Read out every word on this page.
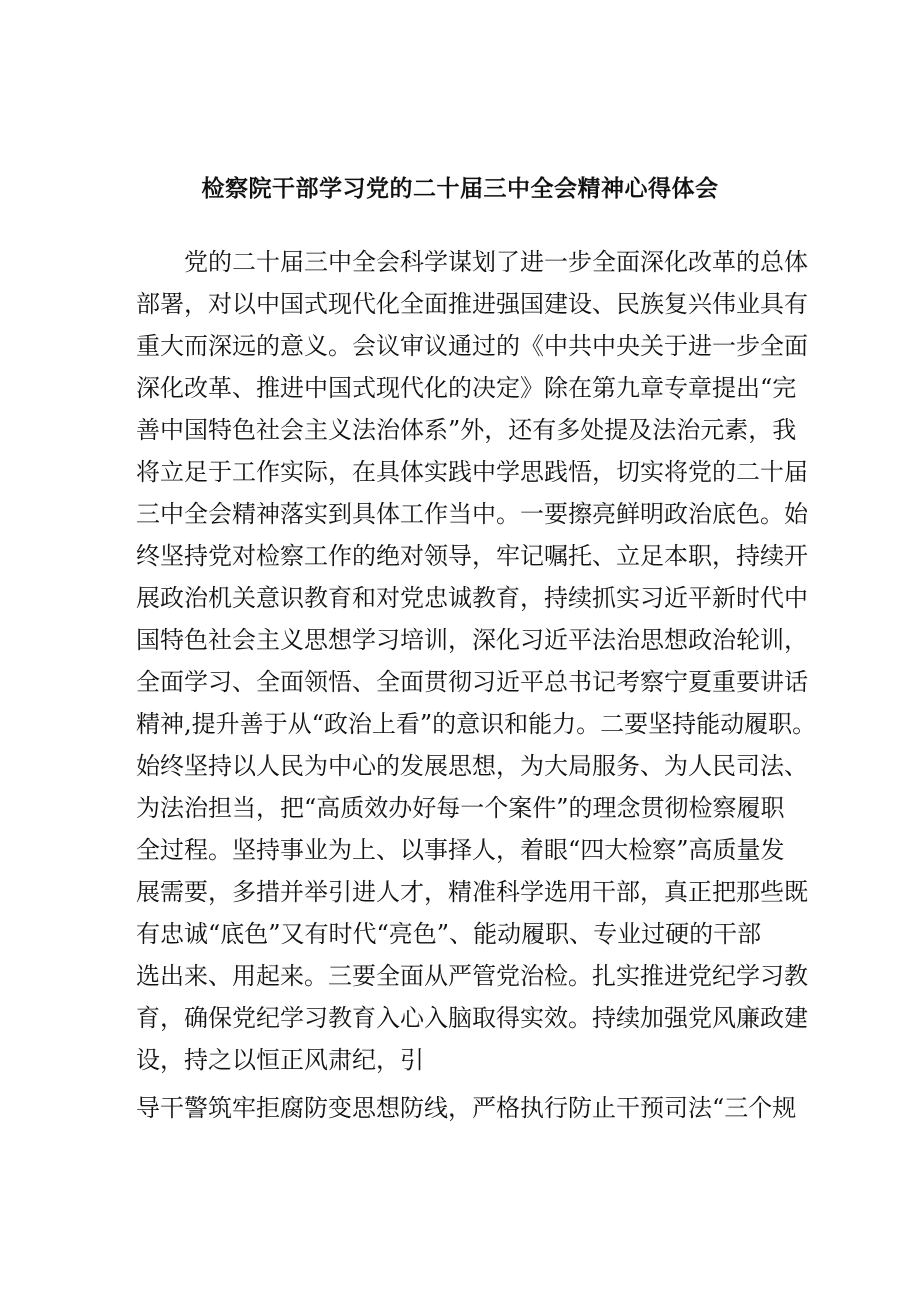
检察院干部学习党的二十届三中全会精神心得体会
党的二十届三中全会科学谋划了进一步全面深化改革的总体
部署，对以中国式现代化全面推进强国建设、民族复兴伟业具有
重大而深远的意义。会议审议通过的《中共中央关于进一步全面
深化改革、推进中国式现代化的决定》除在第九章专章提出“完
善中国特色社会主义法治体系”外，还有多处提及法治元素，我
将立足于工作实际，在具体实践中学思践悟，切实将党的二十届
三中全会精神落实到具体工作当中。一要擦亮鲜明政治底色。始
终坚持党对检察工作的绝对领导，牢记嘱托、立足本职，持续开
展政治机关意识教育和对党忠诚教育，持续抓实习近平新时代中
国特色社会主义思想学习培训，深化习近平法治思想政治轮训，
全面学习、全面领悟、全面贯彻习近平总书记考察宁夏重要讲话
精神,提升善于从“政治上看”的意识和能力。二要坚持能动履职。
始终坚持以人民为中心的发展思想，为大局服务、为人民司法、
为法治担当，把“高质效办好每一个案件”的理念贯彻检察履职
全过程。坚持事业为上、以事择人，着眼“四大检察”高质量发
展需要，多措并举引进人才，精准科学选用干部，真正把那些既
有忠诚“底色”又有时代“亮色”、能动履职、专业过硬的干部
选出来、用起来。三要全面从严管党治检。扎实推进党纪学习教
育，确保党纪学习教育入心入脑取得实效。持续加强党风廉政建
设，持之以恒正风肃纪，引
导干警筑牢拒腐防变思想防线，严格执行防止干预司法“三个规
